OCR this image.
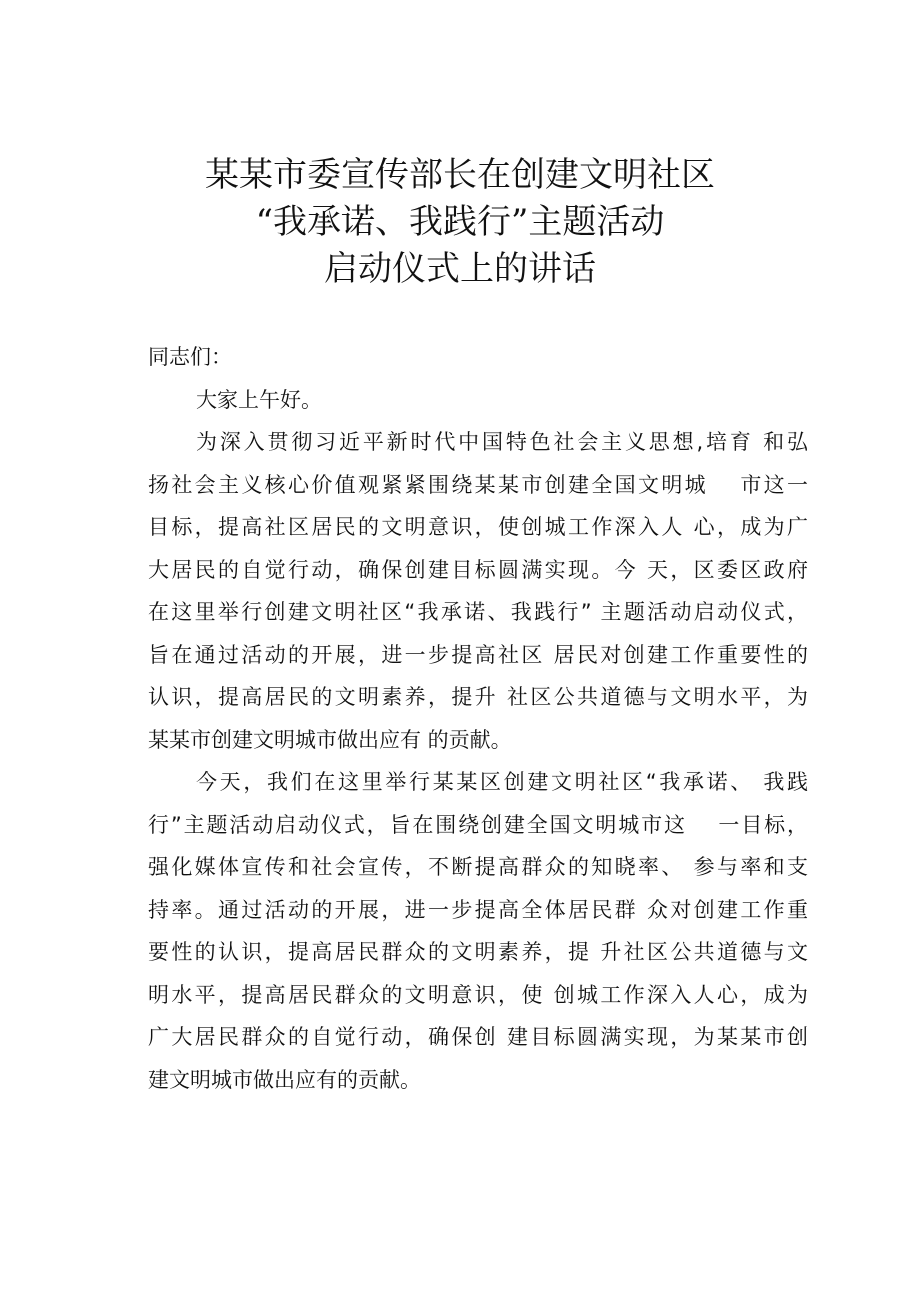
某某市委宣传部长在创建文明社区
“我承诺、我践行”主题活动
启动仪式上的讲话

同志们：

大家上午好。

为深入贯彻习近平新时代中国特色社会主义思想,培育 和弘
扬社会主义核心价值观紧紧围绕某某市创建全国文明城　 市这一
目标，提高社区居民的文明意识，使创城工作深入人 心，成为广
大居民的自觉行动，确保创建目标圆满实现。今 天，区委区政府
在这里举行创建文明社区“我承诺、我践行” 主题活动启动仪式，
旨在通过活动的开展，进一步提高社区 居民对创建工作重要性的
认识，提高居民的文明素养，提升 社区公共道德与文明水平，为
某某市创建文明城市做出应有 的贡献。

今天，我们在这里举行某某区创建文明社区“我承诺、 我践
行”主题活动启动仪式，旨在围绕创建全国文明城市这　 一目标，
强化媒体宣传和社会宣传，不断提高群众的知晓率、 参与率和支
持率。通过活动的开展，进一步提高全体居民群 众对创建工作重
要性的认识，提高居民群众的文明素养，提 升社区公共道德与文
明水平，提高居民群众的文明意识，使 创城工作深入人心，成为
广大居民群众的自觉行动，确保创 建目标圆满实现，为某某市创
建文明城市做出应有的贡献。
